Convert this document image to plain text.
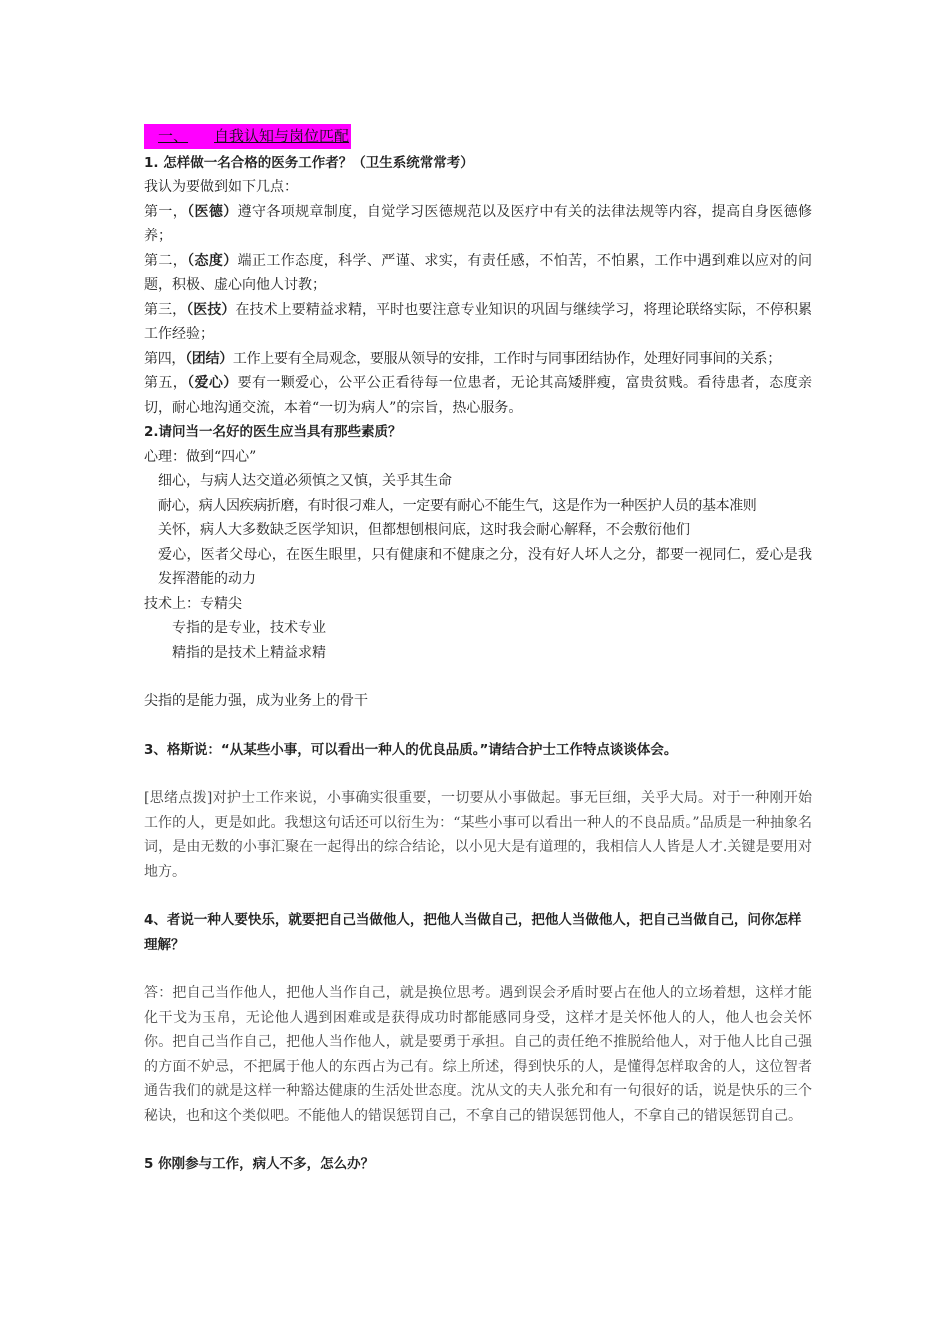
一、 自我认知与岗位匹配
1. 怎样做一名合格的医务工作者？（卫生系统常常考）

我认为要做到如下几点：

第一，（医德）遵守各项规章制度，自觉学习医德规范以及医疗中有关的法律法规等内容，提高自身医德修养；

第二，（态度）端正工作态度，科学、严谨、求实，有责任感，不怕苦，不怕累，工作中遇到难以应对的问题，积极、虚心向他人讨教；

第三，（医技）在技术上要精益求精，平时也要注意专业知识的巩固与继续学习，将理论联络实际，不停积累工作经验；

第四，（团结）工作上要有全局观念，要服从领导的安排，工作时与同事团结协作，处理好同事间的关系；

第五，（爱心）要有一颗爱心，公平公正看待每一位患者，无论其高矮胖瘦，富贵贫贱。看待患者，态度亲切，耐心地沟通交流，本着“一切为病人”的宗旨，热心服务。

2.请问当一名好的医生应当具有那些素质？

心理：做到“四心”

细心，与病人达交道必须慎之又慎，关乎其生命

耐心，病人因疾病折磨，有时很刁难人，一定要有耐心不能生气，这是作为一种医护人员的基本准则

关怀，病人大多数缺乏医学知识，但都想刨根问底，这时我会耐心解释，不会敷衍他们

爱心，医者父母心，在医生眼里，只有健康和不健康之分，没有好人坏人之分，都要一视同仁，爱心是我发挥潜能的动力

技术上：专精尖

专指的是专业，技术专业

精指的是技术上精益求精

尖指的是能力强，成为业务上的骨干

3、格斯说：“从某些小事，可以看出一种人的优良品质。”请结合护士工作特点谈谈体会。

[思绪点拨]对护士工作来说，小事确实很重要，一切要从小事做起。事无巨细，关乎大局。对于一种刚开始工作的人，更是如此。我想这句话还可以衍生为：“某些小事可以看出一种人的不良品质。”品质是一种抽象名词，是由无数的小事汇聚在一起得出的综合结论，以小见大是有道理的，我相信人人皆是人才.关键是要用对地方。

4、者说一种人要快乐，就要把自己当做他人，把他人当做自己，把他人当做他人，把自己当做自己，问你怎样理解？

答：把自己当作他人，把他人当作自己，就是换位思考。遇到误会矛盾时要占在他人的立场着想，这样才能化干戈为玉帛，无论他人遇到困难或是获得成功时都能感同身受，这样才是关怀他人的人，他人也会关怀你。把自己当作自己，把他人当作他人，就是要勇于承担。自己的责任绝不推脱给他人，对于他人比自己强的方面不妒忌，不把属于他人的东西占为己有。综上所述，得到快乐的人，是懂得怎样取舍的人，这位智者通告我们的就是这样一种豁达健康的生活处世态度。沈从文的夫人张允和有一句很好的话，说是快乐的三个秘诀，也和这个类似吧。不能他人的错误惩罚自己，不拿自己的错误惩罚他人，不拿自己的错误惩罚自己。

5 你刚参与工作，病人不多，怎么办？
